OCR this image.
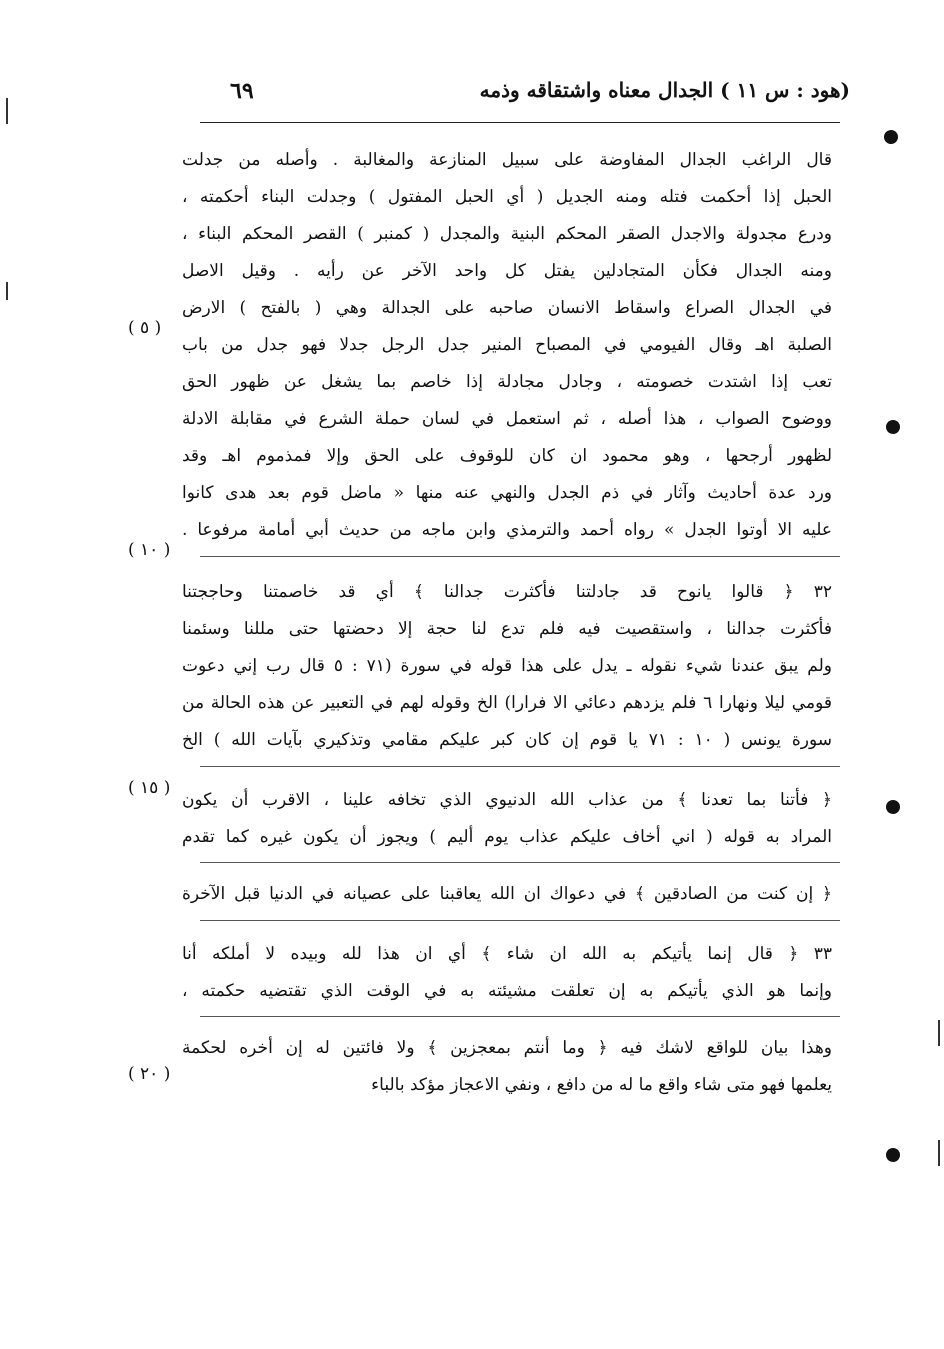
(هود : س ١١ ) الجدال معناه واشتقاقه وذمه
٦٩
قال الراغب الجدال المفاوضة على سبيل المنازعة والمغالبة . وأصله من جدلت
الحبل إذا أحكمت فتله ومنه الجديل ( أي الحبل المفتول ) وجدلت البناء أحكمته ،
ودرع مجدولة والاجدل الصقر المحكم البنية والمجدل ( كمنبر ) القصر المحكم البناء ،
ومنه الجدال فكأن المتجادلين يفتل كل واحد الآخر عن رأيه . وقيل الاصل
في الجدال الصراع واسقاط الانسان صاحبه على الجدالة وهي ( بالفتح ) الارض
الصلبة اهـ وقال الفيومي في المصباح المنير جدل الرجل جدلا فهو جدل من باب
تعب إذا اشتدت خصومته ، وجادل مجادلة إذا خاصم بما يشغل عن ظهور الحق
ووضوح الصواب ، هذا أصله ، ثم استعمل في لسان حملة الشرع في مقابلة الادلة
لظهور أرجحها ، وهو محمود ان كان للوقوف على الحق وإلا فمذموم اهـ وقد
ورد عدة أحاديث وآثار في ذم الجدل والنهي عنه منها « ماضل قوم بعد هدى كانوا
عليه الا أوتوا الجدل » رواه أحمد والترمذي وابن ماجه من حديث أبي أمامة مرفوعا .
٣٢ ﴿ قالوا يانوح قد جادلتنا فأكثرت جدالنا ﴾ أي قد خاصمتنا وحاججتنا
فأكثرت جدالنا ، واستقصيت فيه فلم تدع لنا حجة إلا دحضتها حتى مللنا وسئمنا
ولم يبق عندنا شيء نقوله ـ يدل على هذا قوله في سورة (٧١ : ٥ قال رب إني دعوت
قومي ليلا ونهارا ٦ فلم يزدهم دعائي الا فرارا) الخ وقوله لهم في التعبير عن هذه الحالة من
سورة يونس ( ١٠ : ٧١ يا قوم إن كان كبر عليكم مقامي وتذكيري بآيات الله ) الخ
﴿ فأتنا بما تعدنا ﴾ من عذاب الله الدنيوي الذي تخافه علينا ، الاقرب أن يكون
المراد به قوله ( اني أخاف عليكم عذاب يوم أليم ) ويجوز أن يكون غيره كما تقدم
﴿ إن كنت من الصادقين ﴾ في دعواك ان الله يعاقبنا على عصيانه في الدنيا قبل الآخرة
٣٣ ﴿ قال إنما يأتيكم به الله ان شاء ﴾ أي ان هذا لله وبيده لا أملكه أنا
وإنما هو الذي يأتيكم به إن تعلقت مشيئته به في الوقت الذي تقتضيه حكمته ،
وهذا بيان للواقع لاشك فيه ﴿ وما أنتم بمعجزين ﴾ ولا فائتين له إن أخره لحكمة
يعلمها فهو متى شاء واقع ما له من دافع ، ونفي الاعجاز مؤكد بالباء
( ٥ )
( ١٠ )
( ١٥ )
( ٢٠ )
